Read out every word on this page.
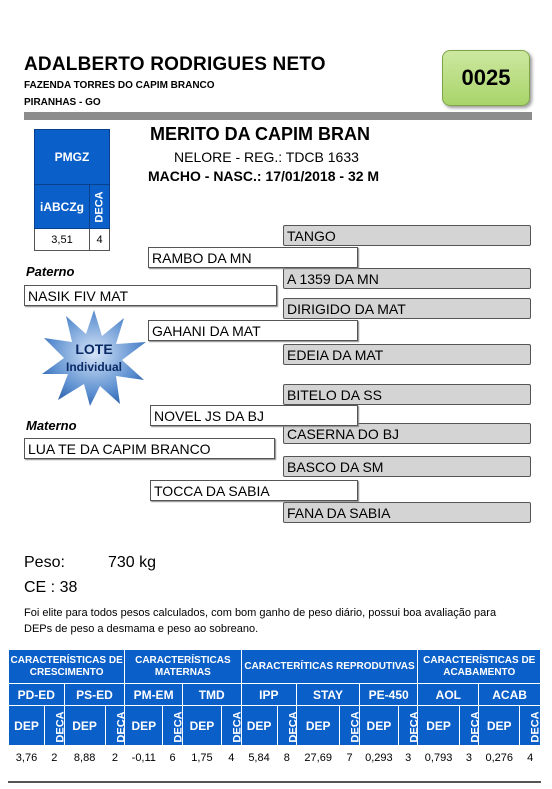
ADALBERTO RODRIGUES NETO
FAZENDA TORRES DO CAPIM BRANCO
PIRANHAS - GO
0025
PMGZ
iABCZg DECA
3,51	4
MERITO DA CAPIM BRAN
NELORE - REG.: TDCB 1633
MACHO - NASC.: 17/01/2018 - 32 M
TANGO
A 1359 DA MN
DIRIGIDO DA MAT
EDEIA DA MAT
BITELO DA SS
CASERNA DO BJ
BASCO DA SM
FANA DA SABIA
RAMBO DA MN
GAHANI DA MAT
NOVEL JS DA BJ
TOCCA DA SABIA
Paterno
NASIK FIV MAT
Materno
LUA TE DA CAPIM BRANCO
LOTE
Individual
Peso:	730 kg
CE : 38
Foi elite para todos pesos calculados, com bom ganho de peso diário, possui boa avaliação para DEPs de peso a desmama e peso ao sobreano.
CARACTERÍSTICAS DE CRESCIMENTO				CARACTERÍSTICAS MATERNAS				CARACTERÍTICAS REPRODUTIVAS						CARACTERÍSTICAS DE ACABAMENTO			
PD-ED		PS-ED		PM-EM		TMD		IPP		STAY		PE-450		AOL		ACAB	
DEP	DECA	DEP	DECA	DEP	DECA	DEP	DECA	DEP	DECA	DEP	DECA	DEP	DECA	DEP	DECA	DEP	DECA
3,76	2	8,88	2	-0,11	6	1,75	4	5,84	8	27,69	7	0,293	3	0,793	3	0,276	4
